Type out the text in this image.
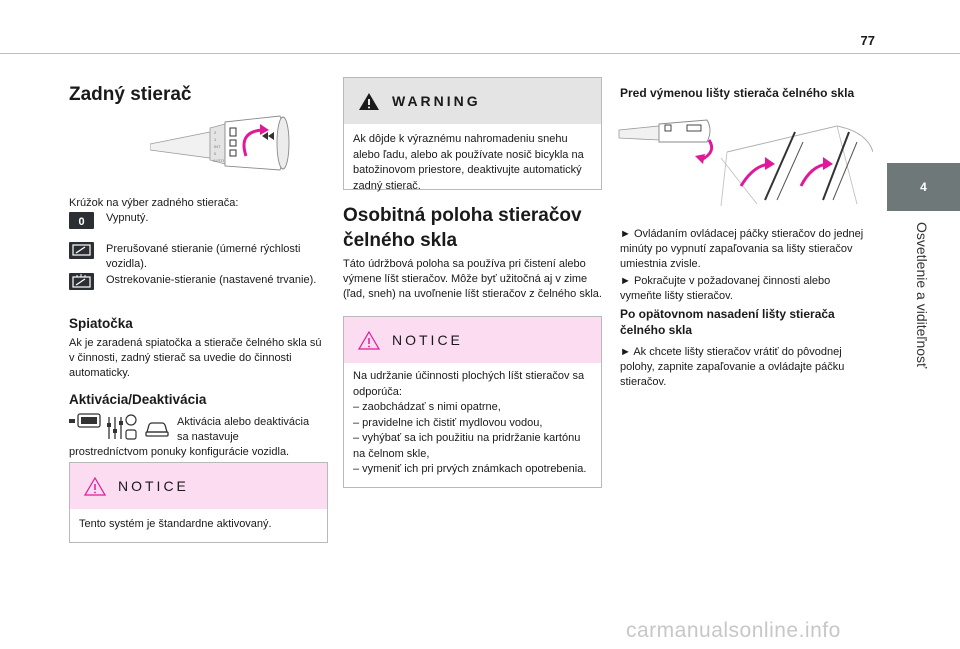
77
4
Osvetlenie a viditeľnosť
Zadný stierač
2
1
INT
0
AUTO
Krúžok na výber zadného stierača:
0 Vypnutý.
Prerušované stieranie (úmerné rýchlosti vozidla).
Ostrekovanie-stieranie (nastavené trvanie).
Spiatočka
Ak je zaradená spiatočka a stierače čelného skla sú v činnosti, zadný stierač sa uvedie do činnosti automaticky.
Aktivácia/Deaktivácia
Aktivácia alebo deaktivácia
sa nastavuje
prostredníctvom ponuky konfigurácie vozidla.
NOTICE
Tento systém je štandardne aktivovaný.
WARNING
Ak dôjde k výraznému nahromadeniu snehu alebo ľadu, alebo ak používate nosič bicykla na batožinovom priestore, deaktivujte automatický zadný stierač.
Osobitná poloha stieračov
čelného skla
Táto údržbová poloha sa používa pri čistení alebo výmene líšt stieračov. Môže byť užitočná aj v zime (ľad, sneh) na uvoľnenie líšt stieračov z čelného skla.
NOTICE
Na udržanie účinnosti plochých líšt stieračov sa odporúča:
– zaobchádzať s nimi opatrne,
– pravidelne ich čistiť mydlovou vodou,
– vyhýbať sa ich použitiu na pridržanie kartónu na čelnom skle,
– vymeniť ich pri prvých známkach opotrebenia.
Pred výmenou lišty stierača čelného skla
► Ovládaním ovládacej páčky stieračov do jednej minúty po vypnutí zapaľovania sa lišty stieračov umiestnia zvisle.
► Pokračujte v požadovanej činnosti alebo vymeňte lišty stieračov.
Po opätovnom nasadení lišty stierača čelného skla
► Ak chcete lišty stieračov vrátiť do pôvodnej polohy, zapnite zapaľovanie a ovládajte páčku stieračov.
carmanualsonline.info
